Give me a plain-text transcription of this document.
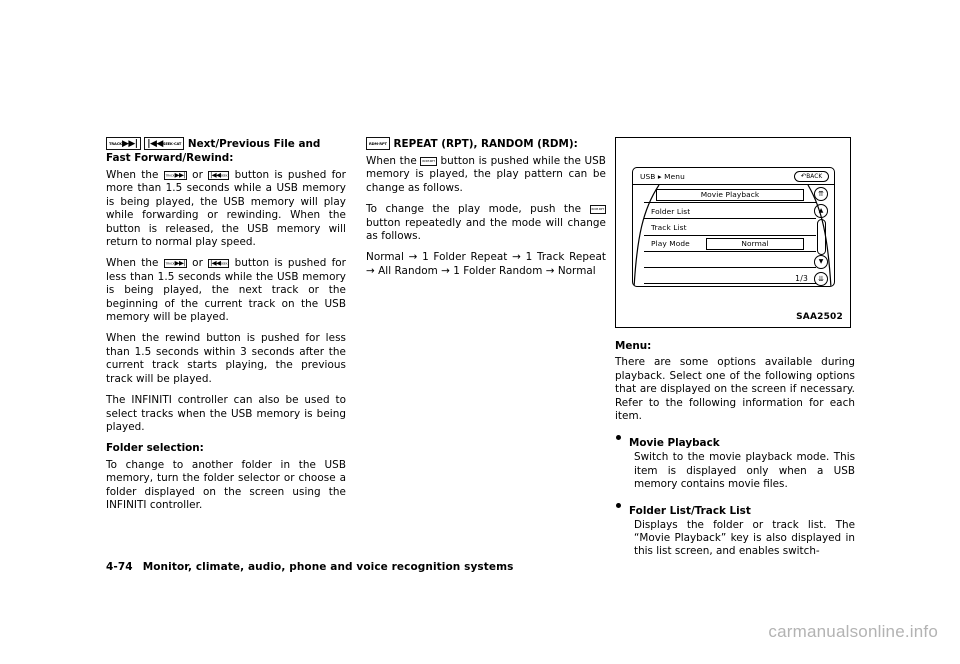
TRACK▶▶| |◀◀SEEK·CAT Next/Previous File and Fast Forward/Rewind:

When the TRACK▶▶| or |◀◀SEEK button is pushed for more than 1.5 seconds while a USB memory is being played, the USB memory will play while forwarding or rewinding. When the button is released, the USB memory will return to normal play speed.

When the TRACK▶▶| or |◀◀SEEK button is pushed for less than 1.5 seconds while the USB memory is being played, the next track or the beginning of the current track on the USB memory will be played.

When the rewind button is pushed for less than 1.5 seconds within 3 seconds after the current track starts playing, the previous track will be played.

The INFINITI controller can also be used to select tracks when the USB memory is being played.

Folder selection:

To change to another folder in the USB memory, turn the folder selector or choose a folder displayed on the screen using the INFINITI controller.

RDM·RPT REPEAT (RPT), RANDOM (RDM):

When the RDM·RPT button is pushed while the USB memory is played, the play pattern can be change as follows.

To change the play mode, push the RDM·RPT button repeatedly and the mode will change as follows.

Normal → 1 Folder Repeat → 1 Track Repeat → All Random → 1 Folder Random → Normal

USB ▸ Menu	↶BACK
Movie Playback
Folder List
Track List
Play Mode	Normal
1/3
⇈
▲
▼
⇊
SAA2502
Menu:

There are some options available during playback. Select one of the following options that are displayed on the screen if necessary. Refer to the following information for each item.

Movie Playback

Switch to the movie playback mode. This item is displayed only when a USB memory contains movie files.

Folder List/Track List

Displays the folder or track list. The “Movie Playback” key is also displayed in this list screen, and enables switch-

4-74 Monitor, climate, audio, phone and voice recognition systems
carmanualsonline.info
